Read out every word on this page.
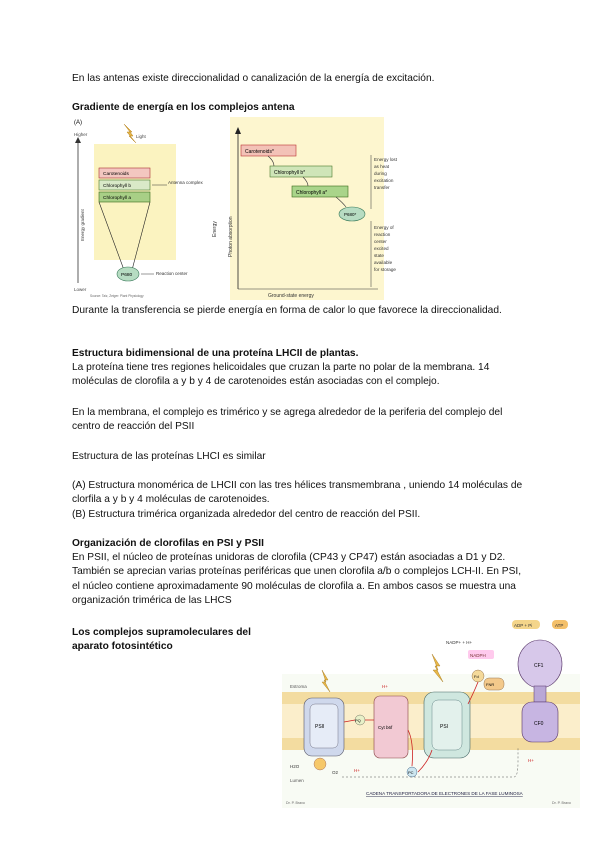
En las antenas existe direccionalidad o canalización de la energía de excitación.

Gradiente de energía en los complejos antena

(A)
Higher
Lower
Energy gradient
Light
Carotenoids
Chlorophyll b
Chlorophyll a
Antenna complex
P680	Reaction center
Source: Taiz, Zeiger: Plant Physiology
Energy Photon absorption
Carotenoids*
Chlorophyll b*
Chlorophyll a*
P680*
Energy lost as heat during excitation transfer
Energy of reaction center excited state available for storage
Ground-state energy

Durante la transferencia se pierde energía en forma de calor lo que favorece la direccionalidad.

Estructura bidimensional de una proteína LHCII de plantas.

La proteína tiene tres regiones helicoidales que cruzan la parte no polar de la membrana. 14 moléculas de clorofila a y b y 4 de carotenoides están asociadas con el complejo.

En la membrana, el complejo es trimérico y se agrega alrededor de la periferia del complejo del centro de reacción del PSII

Estructura de las proteínas LHCI es similar

(A) Estructura monomérica de LHCII con las tres hélices transmembrana , uniendo 14 moléculas de clorfila a y b y 4 moléculas de carotenoides.

(B) Estructura trimérica organizada alrededor del centro de reacción del PSII.

Organización de clorofilas en PSI y PSII

En PSII, el núcleo de proteínas unidoras de clorofila (CP43 y CP47) están asociadas a D1 y D2. También se aprecian varias proteínas periféricas que unen clorofila a/b o complejos LCH-II. En PSI, el núcleo contiene aproximadamente 90 moléculas de clorofila a. En ambos casos se muestra una organización trimérica de las LHCS

Los complejos supramoleculares del aparato fotosintético

Estroma
Lumen
PSII
H2O
O2
PQ
Cyt b6f
PC
H+
H+
PSI
Fd
FNR
NADP+ + H+
NADPH
CF1
CF0
ADP + Pi	ATP
H+
CADENA TRANSPORTADORA DE ELECTRONES DE LA FASE LUMINOSA
Dr. P. Bravo	Dr. P. Bravo
